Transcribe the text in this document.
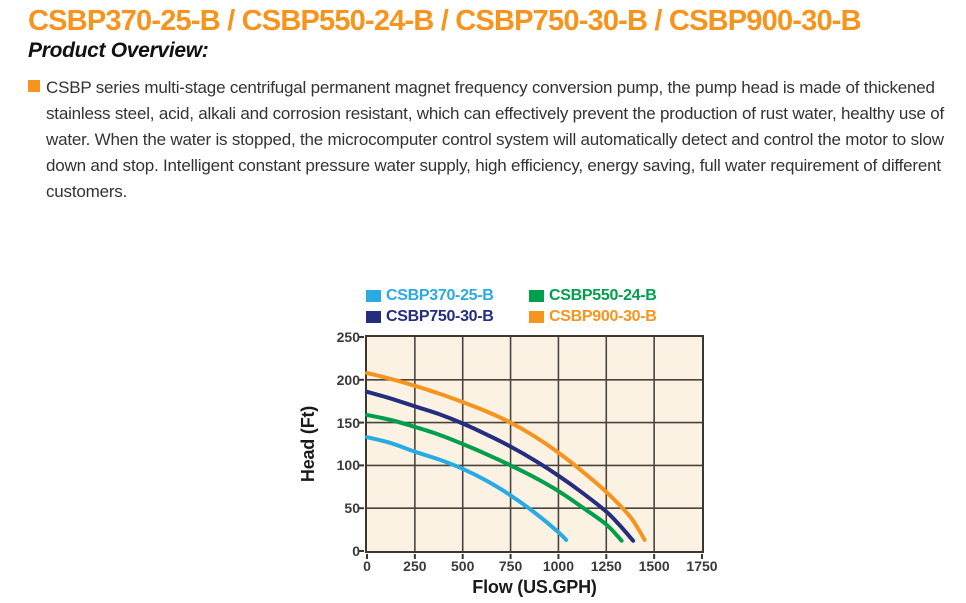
CSBP370-25-B / CSBP550-24-B / CSBP750-30-B / CSBP900-30-B
Product Overview:
CSBP series multi-stage centrifugal permanent magnet frequency conversion pump, the pump head is made of thickened stainless steel, acid, alkali and corrosion resistant, which can effectively prevent the production of rust water, healthy use of water. When the water is stopped, the microcomputer control system will automatically detect and control the motor to slow down and stop. Intelligent constant pressure water supply, high efficiency, energy saving, full water requirement of different customers.
CSBP370-25-B	CSBP550-24-B
CSBP750-30-B	CSBP900-30-B
0
50
100
150
200
250
0	250	500	750	1000	1250	1500	1750
Head (Ft)
Flow (US.GPH)
